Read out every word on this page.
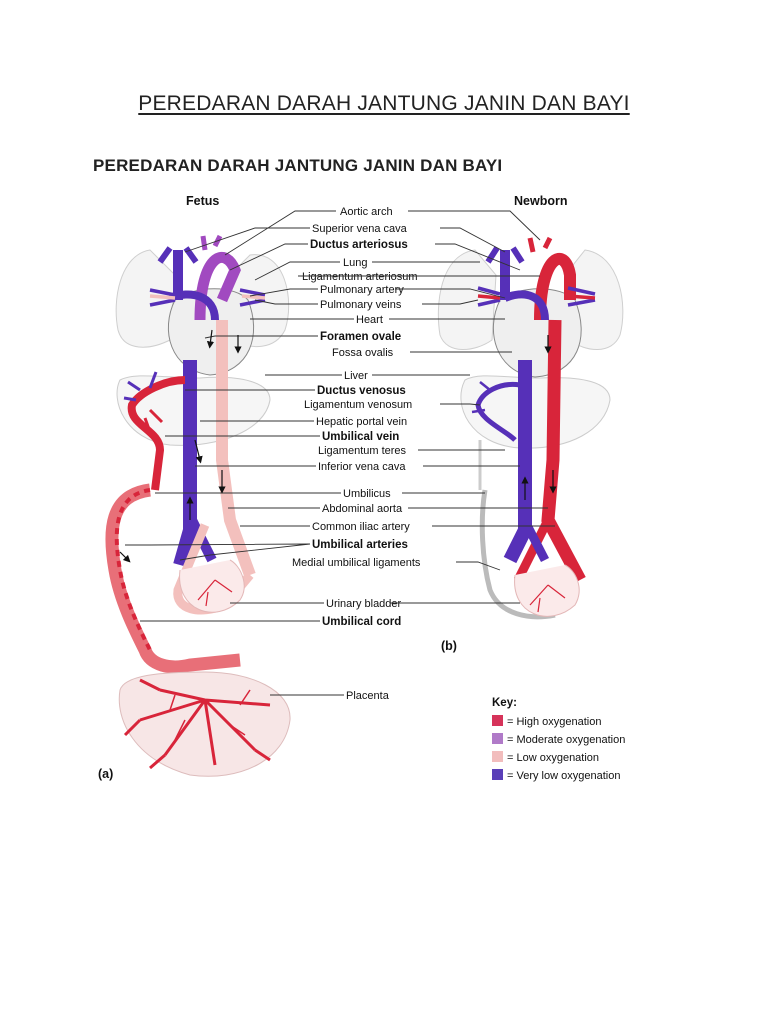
PEREDARAN DARAH JANTUNG JANIN DAN BAYI
PEREDARAN DARAH JANTUNG JANIN DAN BAYI
Fetus	Newborn
(a)
(b)
Aortic arch
Superior vena cava
Ductus arteriosus
Lung
Ligamentum arteriosum
Pulmonary artery
Pulmonary veins
Heart
Foramen ovale
Fossa ovalis
Liver
Ductus venosus
Ligamentum venosum
Hepatic portal vein
Umbilical vein
Ligamentum teres
Inferior vena cava
Umbilicus
Abdominal aorta
Common iliac artery
Umbilical arteries
Medial umbilical ligaments
Urinary bladder
Umbilical cord
Placenta
Key:
= High oxygenation
= Moderate oxygenation
= Low oxygenation
= Very low oxygenation
